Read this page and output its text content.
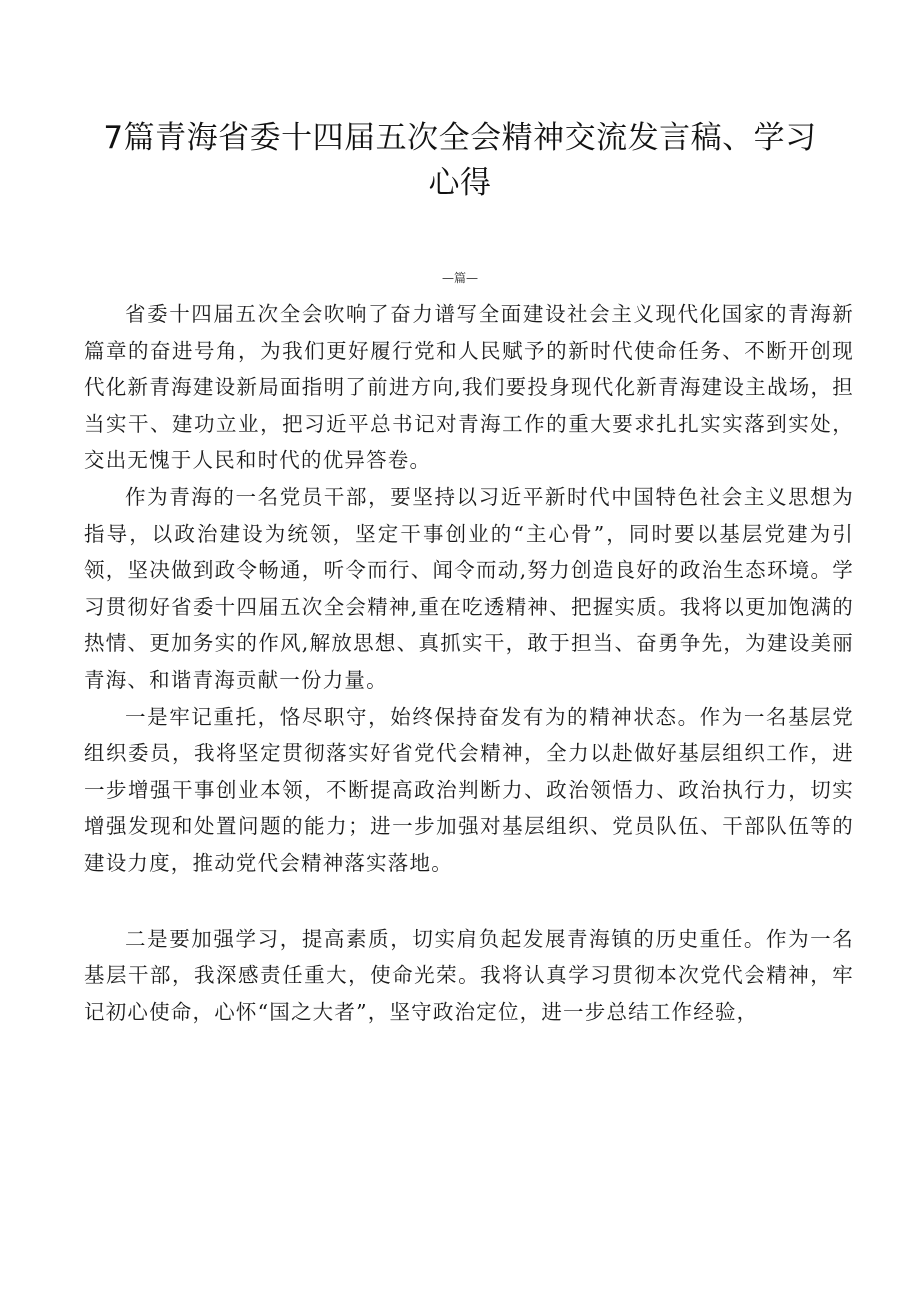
7篇青海省委十四届五次全会精神交流发言稿、学习心得
—篇—

省委十四届五次全会吹响了奋力谱写全面建设社会主义现代化国家的青海新篇章的奋进号角，为我们更好履行党和人民赋予的新时代使命任务、不断开创现代化新青海建设新局面指明了前进方向,我们要投身现代化新青海建设主战场，担当实干、建功立业，把习近平总书记对青海工作的重大要求扎扎实实落到实处，交出无愧于人民和时代的优异答卷。

作为青海的一名党员干部，要坚持以习近平新时代中国特色社会主义思想为指导，以政治建设为统领，坚定干事创业的“主心骨”，同时要以基层党建为引领，坚决做到政令畅通，听令而行、闻令而动,努力创造良好的政治生态环境。学习贯彻好省委十四届五次全会精神,重在吃透精神、把握实质。我将以更加饱满的热情、更加务实的作风,解放思想、真抓实干，敢于担当、奋勇争先，为建设美丽青海、和谐青海贡献一份力量。

一是牢记重托，恪尽职守，始终保持奋发有为的精神状态。作为一名基层党组织委员，我将坚定贯彻落实好省党代会精神，全力以赴做好基层组织工作，进一步增强干事创业本领，不断提高政治判断力、政治领悟力、政治执行力，切实增强发现和处置问题的能力；进一步加强对基层组织、党员队伍、干部队伍等的建设力度，推动党代会精神落实落地。

二是要加强学习，提高素质，切实肩负起发展青海镇的历史重任。作为一名基层干部，我深感责任重大，使命光荣。我将认真学习贯彻本次党代会精神，牢记初心使命，心怀“国之大者”，坚守政治定位，进一步总结工作经验，
